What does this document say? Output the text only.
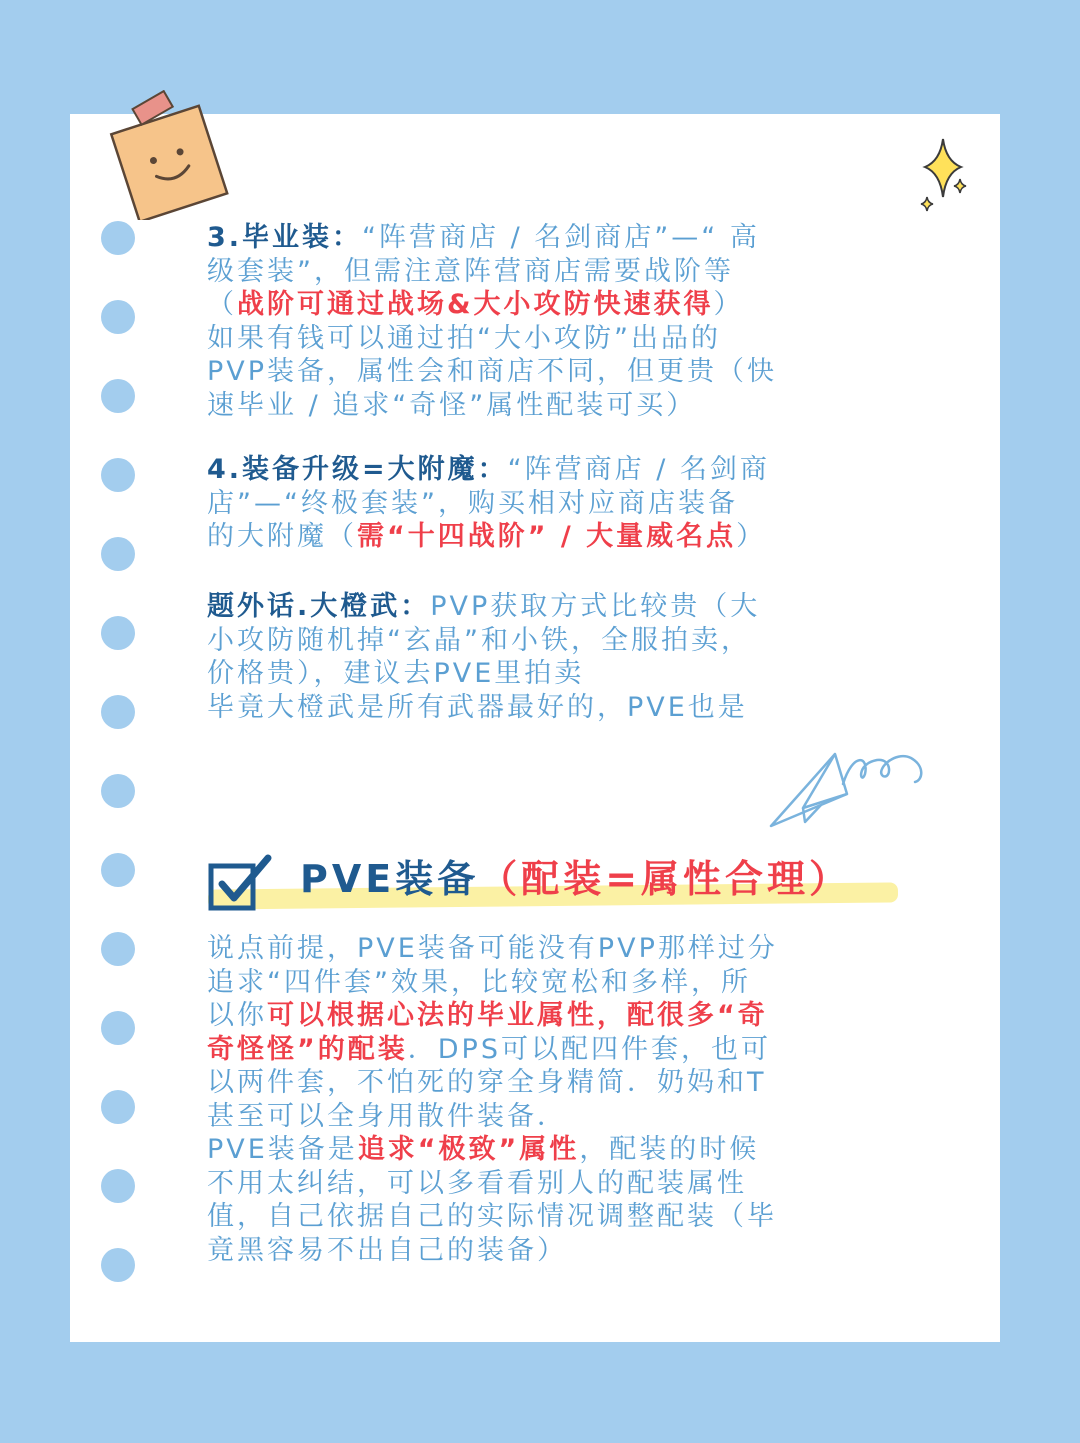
3.毕业装：“阵营商店 / 名剑商店”—“ 高

级套装”，但需注意阵营商店需要战阶等

（战阶可通过战场&大小攻防快速获得）

如果有钱可以通过拍“大小攻防”出品的

PVP装备，属性会和商店不同，但更贵（快

速毕业 / 追求“奇怪”属性配装可买）

4.装备升级=大附魔：“阵营商店 / 名剑商

店”—“终极套装”，购买相对应商店装备

的大附魔（需“十四战阶” / 大量威名点）

题外话.大橙武：PVP获取方式比较贵（大

小攻防随机掉“玄晶”和小铁，全服拍卖，

价格贵），建议去PVE里拍卖

毕竟大橙武是所有武器最好的，PVE也是

PVE装备（配装=属性合理）

说点前提，PVE装备可能没有PVP那样过分

追求“四件套”效果，比较宽松和多样，所

以你可以根据心法的毕业属性，配很多“奇

奇怪怪”的配装．DPS可以配四件套，也可

以两件套，不怕死的穿全身精简．奶妈和T

甚至可以全身用散件装备．

PVE装备是追求“极致”属性，配装的时候

不用太纠结，可以多看看别人的配装属性

值，自己依据自己的实际情况调整配装（毕

竟黑容易不出自己的装备）
